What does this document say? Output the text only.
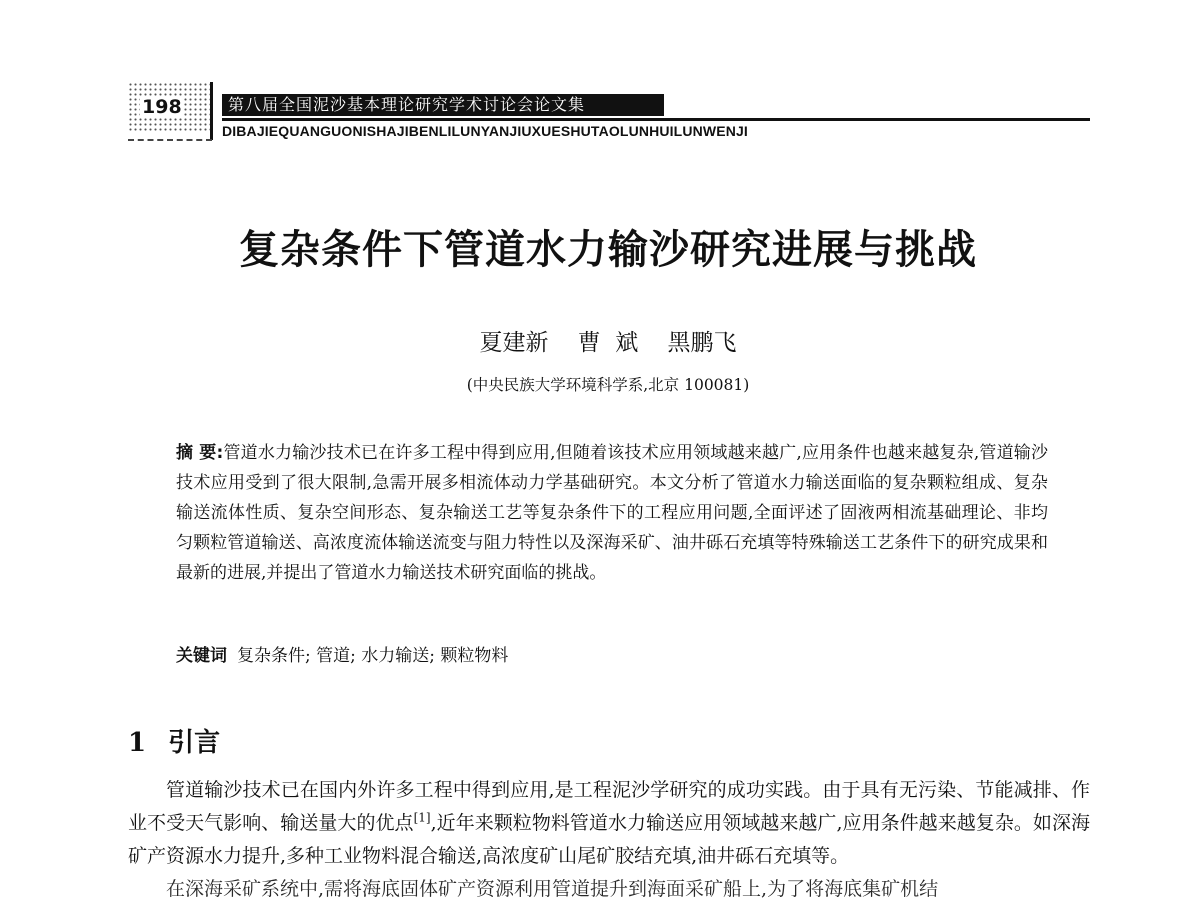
198	第八届全国泥沙基本理论研究学术讨论会论文集
DIBAJIEQUANGUONISHAJIBENLILUNYANJIUXUESHUTAOLUNHUILUNWENJI
复杂条件下管道水力输沙研究进展与挑战
夏建新    曹  斌    黑鹏飞
(中央民族大学环境科学系,北京 100081)
摘 要:管道水力输沙技术已在许多工程中得到应用,但随着该技术应用领域越来越广,应用条件也越来越复杂,管道输沙技术应用受到了很大限制,急需开展多相流体动力学基础研究。本文分析了管道水力输送面临的复杂颗粒组成、复杂输送流体性质、复杂空间形态、复杂输送工艺等复杂条件下的工程应用问题,全面评述了固液两相流基础理论、非均匀颗粒管道输送、高浓度流体输送流变与阻力特性以及深海采矿、油井砾石充填等特殊输送工艺条件下的研究成果和最新的进展,并提出了管道水力输送技术研究面临的挑战。
关键词 复杂条件; 管道; 水力输送; 颗粒物料
1 引言

管道输沙技术已在国内外许多工程中得到应用,是工程泥沙学研究的成功实践。由于具有无污染、节能减排、作业不受天气影响、输送量大的优点[1],近年来颗粒物料管道水力输送应用领域越来越广,应用条件越来越复杂。如深海矿产资源水力提升,多种工业物料混合输送,高浓度矿山尾矿胶结充填,油井砾石充填等。

在深海采矿系统中,需将海底固体矿产资源利用管道提升到海面采矿船上,为了将海底集矿机结
